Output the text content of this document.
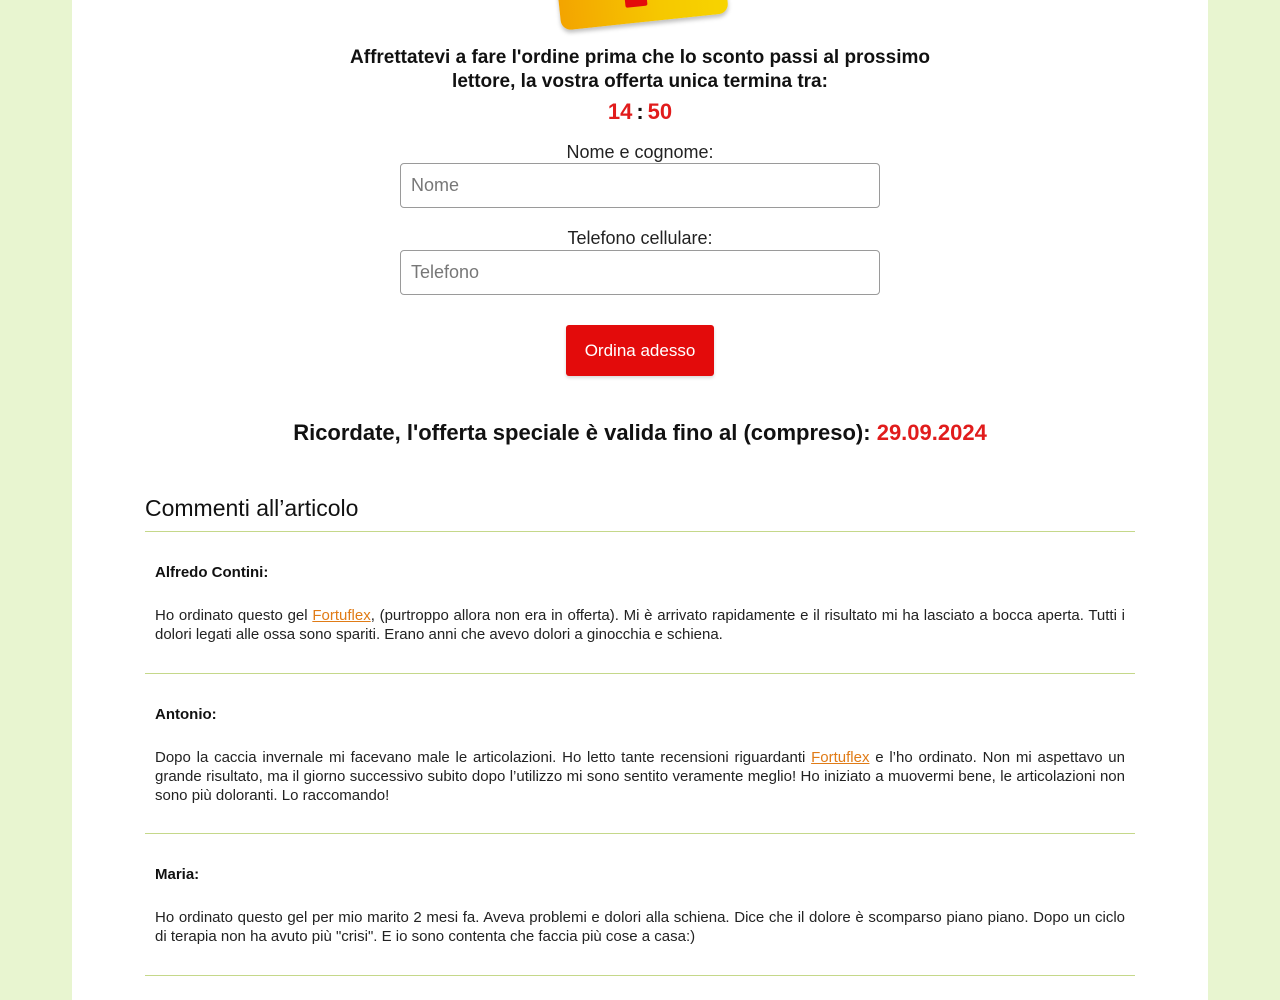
Affrettatevi a fare l'ordine prima che lo sconto passi al prossimo
lettore, la vostra offerta unica termina tra:
14 : 50
Nome e cognome:
Nome
Telefono cellulare:
Telefono
Ordina adesso
Ricordate, l'offerta speciale è valida fino al (compreso): 29.09.2024
Commenti all’articolo
Alfredo Contini:
Ho ordinato questo gel Fortuflex, (purtroppo allora non era in offerta). Mi è arrivato rapidamente e il risultato mi ha lasciato a bocca aperta. Tutti i dolori legati alle ossa sono spariti. Erano anni che avevo dolori a ginocchia e schiena.
Antonio:
Dopo la caccia invernale mi facevano male le articolazioni. Ho letto tante recensioni riguardanti Fortuflex e l’ho ordinato. Non mi aspettavo un grande risultato, ma il giorno successivo subito dopo l’utilizzo mi sono sentito veramente meglio! Ho iniziato a muovermi bene, le articolazioni non sono più doloranti. Lo raccomando!
Maria:
Ho ordinato questo gel per mio marito 2 mesi fa. Aveva problemi e dolori alla schiena. Dice che il dolore è scomparso piano piano. Dopo un ciclo di terapia non ha avuto più "crisi". E io sono contenta che faccia più cose a casa:)
